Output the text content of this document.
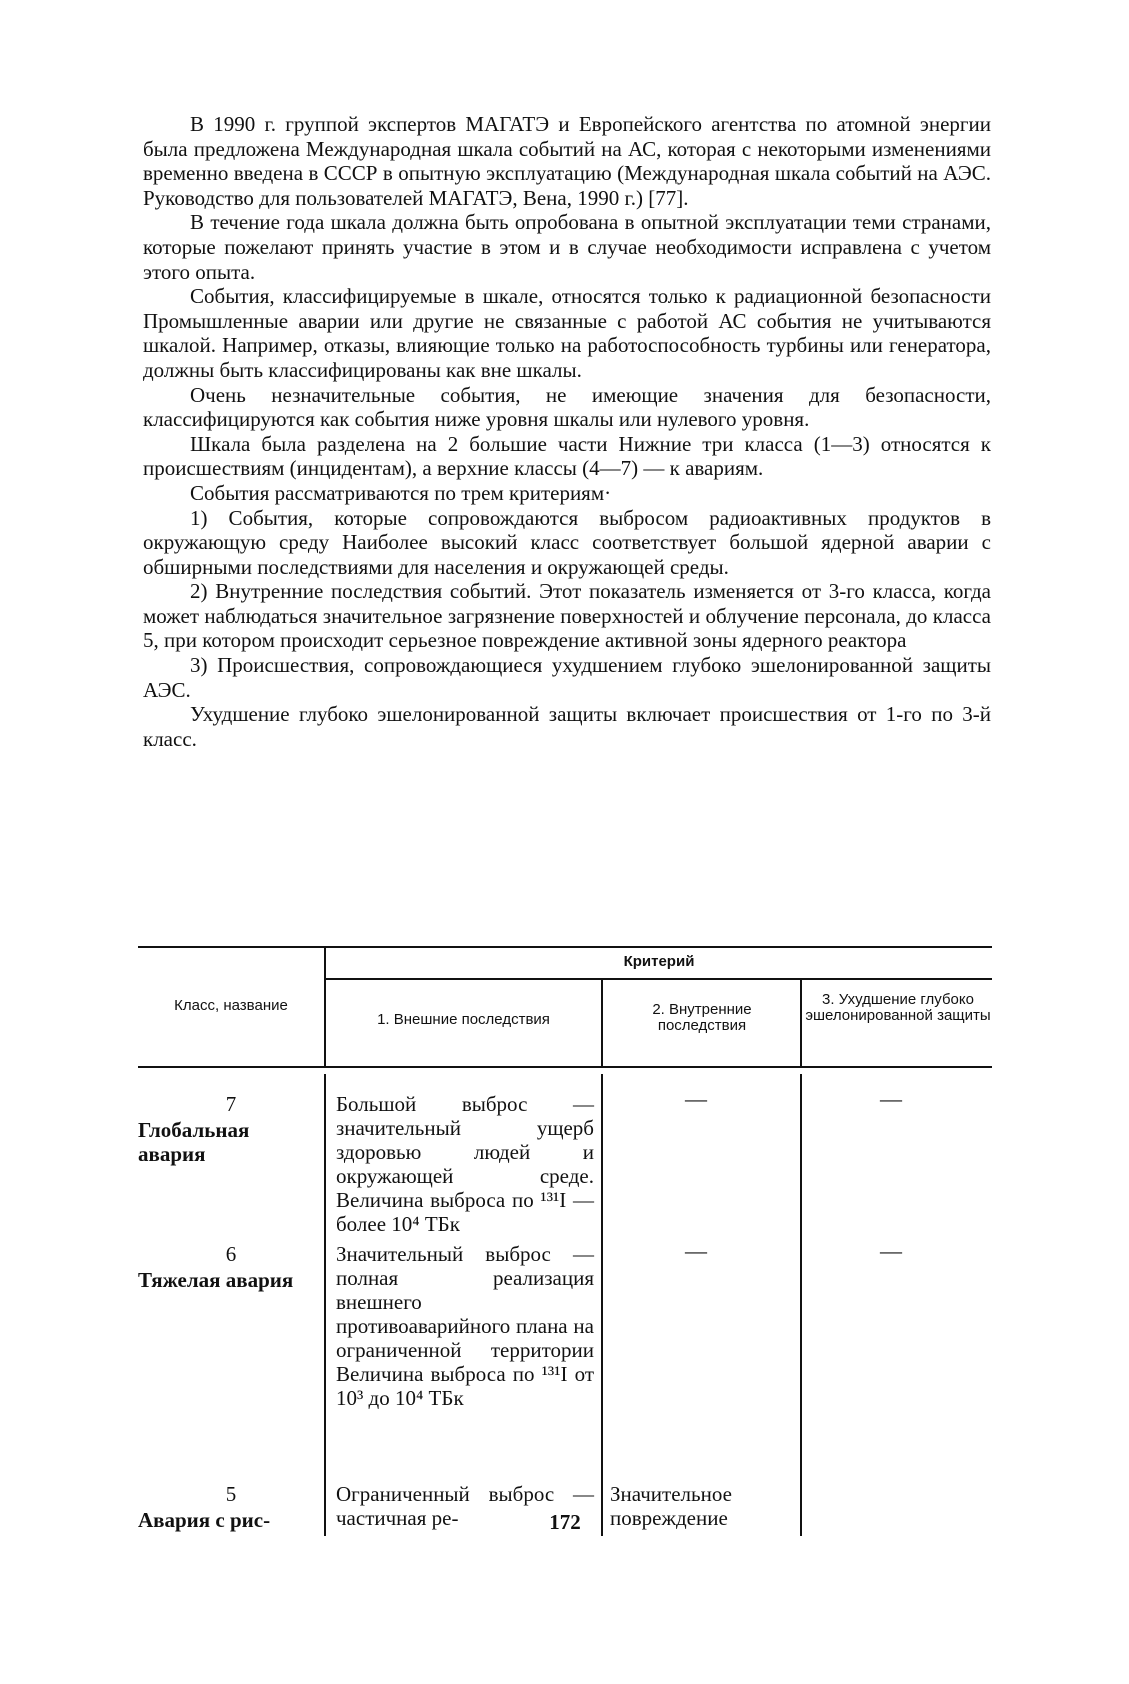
В 1990 г. группой экспертов МАГАТЭ и Европейского агентства по атомной энергии была предложена Международная шкала событий на АС, которая с некоторыми изменениями временно введена в СССР в опытную эксплуатацию (Международная шкала событий на АЭС. Руководство для пользователей МАГАТЭ, Вена, 1990 г.) [77].

В течение года шкала должна быть опробована в опытной эксплуатации теми странами, которые пожелают принять участие в этом и в случае необходимости исправлена с учетом этого опыта.

События, классифицируемые в шкале, относятся только к радиационной безопасности Промышленные аварии или другие не связанные с работой АС события не учитываются шкалой. Например, отказы, влияющие только на работоспособность турбины или генератора, должны быть классифицированы как вне шкалы.

Очень незначительные события, не имеющие значения для безопасности, классифицируются как события ниже уровня шкалы или нулевого уровня.

Шкала была разделена на 2 большие части Нижние три класса (1—3) относятся к происшествиям (инцидентам), а верхние классы (4—7) — к авариям.

События рассматриваются по трем критериям·

1) События, которые сопровождаются выбросом радиоактивных продуктов в окружающую среду Наиболее высокий класс соответствует большой ядерной аварии с обширными последствиями для населения и окружающей среды.

2) Внутренние последствия событий. Этот показатель изменяется от 3-го класса, когда может наблюдаться значительное загрязнение поверхностей и облучение персонала, до класса 5, при котором происходит серьезное повреждение активной зоны ядерного реактора

3) Происшествия, сопровождающиеся ухудшением глубоко эшелонированной защиты АЭС.

Ухудшение глубоко эшелонированной защиты включает происшествия от 1-го по 3-й класс.

Класс, название
Критерий
1. Внешние последствия
2. Внутренние последствия
3. Ухудшение глубоко эшелонированной защиты
7
Глобальная авария
Большой выброс — значительный ущерб здоровью людей и окружающей среде. Величина выброса по ¹³¹I — более 10⁴ ТБк
—	—
6
Тяжелая авария
Значительный выброс — полная реализация внешнего противоаварийного плана на ограниченной территории Величина выброса по ¹³¹I от 10³ до 10⁴ ТБк
—	—
5
Авария с рис-
Ограниченный выброс — частичная ре-
Значительное повреждение
172
